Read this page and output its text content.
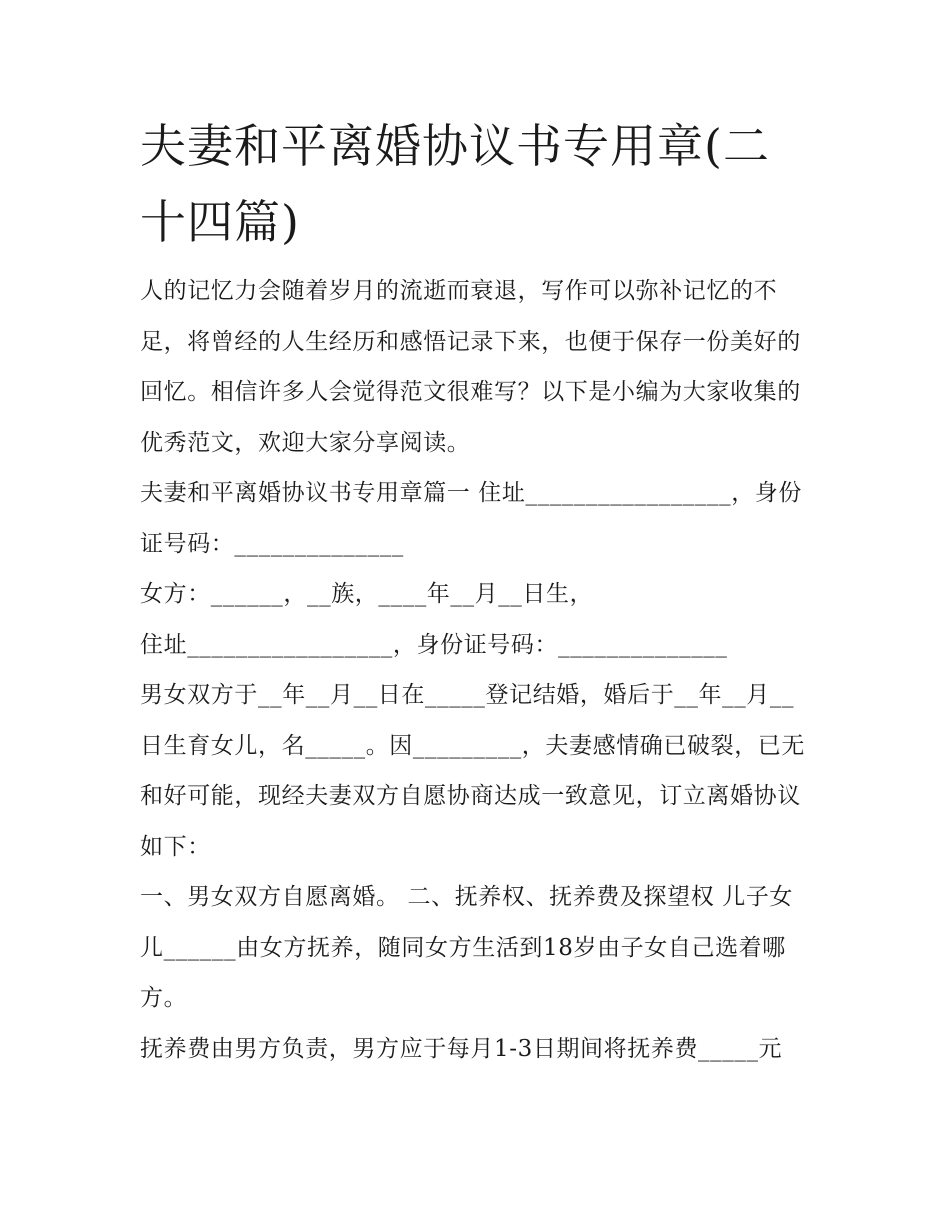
夫妻和平离婚协议书专用章(二十四篇)

人的记忆力会随着岁月的流逝而衰退，写作可以弥补记忆的不足，将曾经的人生经历和感悟记录下来，也便于保存一份美好的回忆。相信许多人会觉得范文很难写？以下是小编为大家收集的优秀范文，欢迎大家分享阅读。

夫妻和平离婚协议书专用章篇一 住址_________________，身份证号码：______________

女方：______，__族，____年__月__日生，

住址_________________，身份证号码：______________

男女双方于__年__月__日在_____登记结婚，婚后于__年__月__日生育女儿，名_____。因_________，夫妻感情确已破裂，已无和好可能，现经夫妻双方自愿协商达成一致意见，订立离婚协议如下：

一、男女双方自愿离婚。 二、抚养权、抚养费及探望权 儿子女儿______由女方抚养，随同女方生活到18岁由子女自己选着哪方。

抚养费由男方负责，男方应于每月1-3日期间将抚养费_____元
